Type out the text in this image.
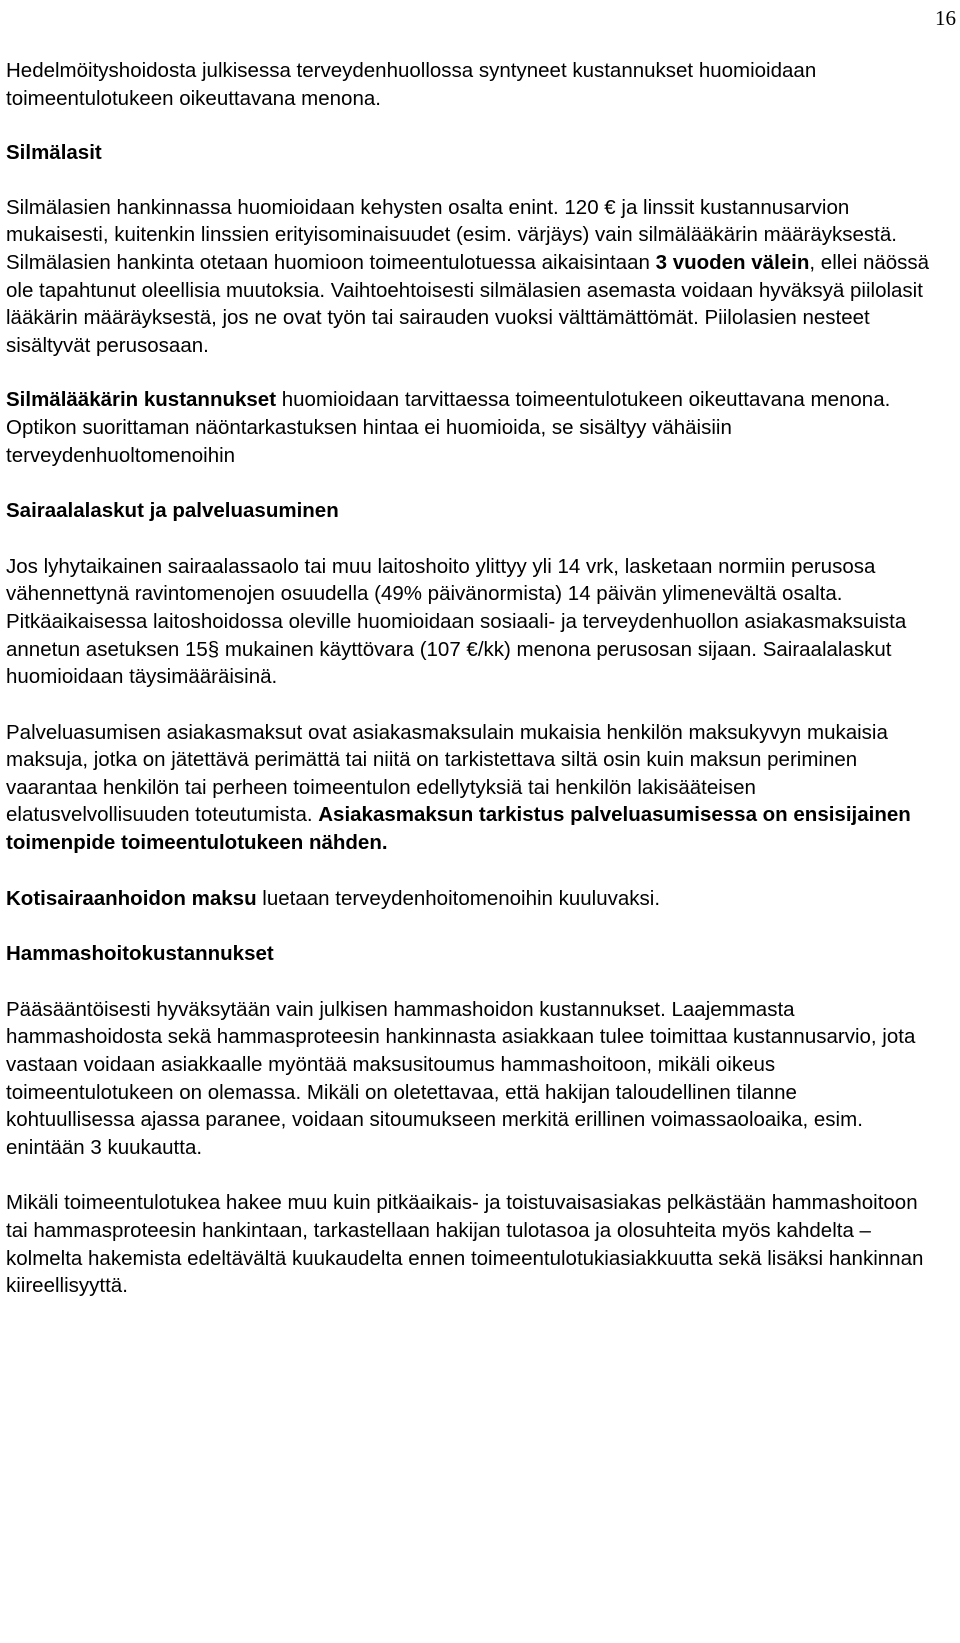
16

Hedelmöityshoidosta julkisessa terveydenhuollossa syntyneet kustannukset huomioidaan toimeentulotukeen oikeuttavana menona.

Silmälasit

Silmälasien hankinnassa huomioidaan kehysten osalta enint. 120 € ja linssit kustannusarvion mukaisesti, kuitenkin linssien erityisominaisuudet (esim. värjäys) vain silmälääkärin määräyksestä. Silmälasien hankinta otetaan huomioon toimeentulotuessa aikaisintaan 3 vuoden välein, ellei näössä ole tapahtunut oleellisia muutoksia. Vaihtoehtoisesti silmälasien asemasta voidaan hyväksyä piilolasit lääkärin määräyksestä, jos ne ovat työn tai sairauden vuoksi välttämättömät. Piilolasien nesteet sisältyvät perusosaan.

Silmälääkärin kustannukset huomioidaan tarvittaessa toimeentulotukeen oikeuttavana menona. Optikon suorittaman näöntarkastuksen hintaa ei huomioida, se sisältyy vähäisiin terveydenhuoltomenoihin

Sairaalalaskut ja palveluasuminen

Jos lyhytaikainen sairaalassaolo tai muu laitoshoito ylittyy yli 14 vrk, lasketaan normiin perusosa vähennettynä ravintomenojen osuudella (49% päivänormista) 14 päivän ylimenevältä osalta. Pitkäaikaisessa laitoshoidossa oleville huomioidaan sosiaali- ja terveydenhuollon asiakasmaksuista annetun asetuksen 15§ mukainen käyttövara (107 €/kk) menona perusosan sijaan. Sairaalalaskut huomioidaan täysimääräisinä.

Palveluasumisen asiakasmaksut ovat asiakasmaksulain mukaisia henkilön maksukyvyn mukaisia maksuja, jotka on jätettävä perimättä tai niitä on tarkistettava siltä osin kuin maksun periminen vaarantaa henkilön tai perheen toimeentulon edellytyksiä tai henkilön lakisääteisen elatusvelvollisuuden toteutumista. Asiakasmaksun tarkistus palveluasumisessa on ensisijainen toimenpide toimeentulotukeen nähden.

Kotisairaanhoidon maksu luetaan terveydenhoitomenoihin kuuluvaksi.

Hammashoitokustannukset

Pääsääntöisesti hyväksytään vain julkisen hammashoidon kustannukset. Laajemmasta hammashoidosta sekä hammasproteesin hankinnasta asiakkaan tulee toimittaa kustannusarvio, jota vastaan voidaan asiakkaalle myöntää maksusitoumus hammashoitoon, mikäli oikeus toimeentulotukeen on olemassa. Mikäli on oletettavaa, että hakijan taloudellinen tilanne kohtuullisessa ajassa paranee, voidaan sitoumukseen merkitä erillinen voimassaoloaika, esim. enintään 3 kuukautta.

Mikäli toimeentulotukea hakee muu kuin pitkäaikais- ja toistuvaisasiakas pelkästään hammashoitoon tai hammasproteesin hankintaan, tarkastellaan hakijan tulotasoa ja olosuhteita myös kahdelta – kolmelta hakemista edeltävältä kuukaudelta ennen toimeentulotukiasiakkuutta sekä lisäksi hankinnan kiireellisyyttä.
